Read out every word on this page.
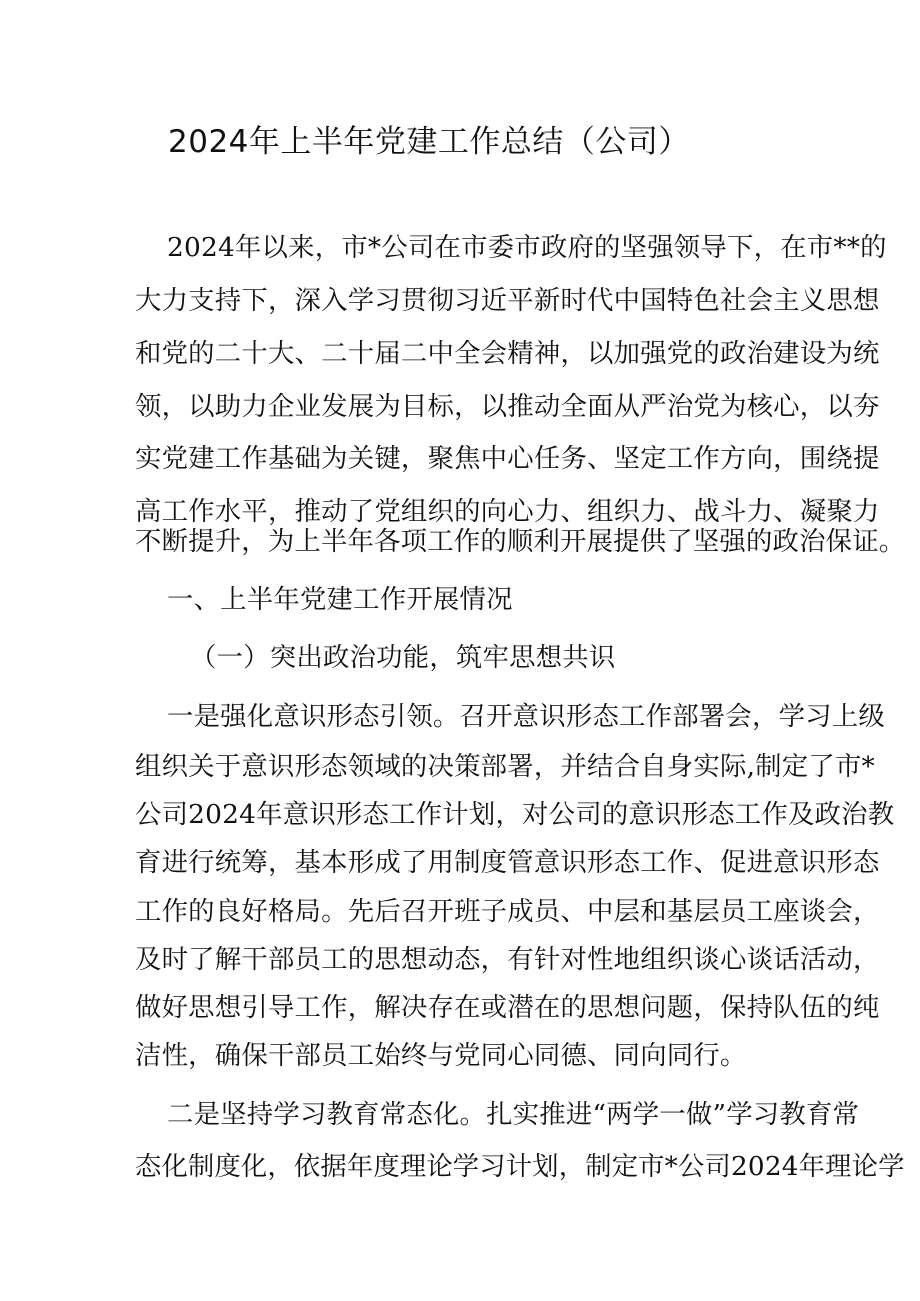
2024年上半年党建工作总结（公司）
2024年以来，市*公司在市委市政府的坚强领导下，在市**的
大力支持下，深入学习贯彻习近平新时代中国特色社会主义思想
和党的二十大、二十届二中全会精神，以加强党的政治建设为统
领，以助力企业发展为目标，以推动全面从严治党为核心，以夯
实党建工作基础为关键，聚焦中心任务、坚定工作方向，围绕提
高工作水平，推动了党组织的向心力、组织力、战斗力、凝聚力
不断提升，为上半年各项工作的顺利开展提供了坚强的政治保证。
一、上半年党建工作开展情况
（一）突出政治功能，筑牢思想共识
一是强化意识形态引领。召开意识形态工作部署会，学习上级
组织关于意识形态领域的决策部署，并结合自身实际,制定了市*
公司2024年意识形态工作计划，对公司的意识形态工作及政治教
育进行统筹，基本形成了用制度管意识形态工作、促进意识形态
工作的良好格局。先后召开班子成员、中层和基层员工座谈会，
及时了解干部员工的思想动态，有针对性地组织谈心谈话活动，
做好思想引导工作，解决存在或潜在的思想问题，保持队伍的纯
洁性，确保干部员工始终与党同心同德、同向同行。
二是坚持学习教育常态化。扎实推进“两学一做”学习教育常
态化制度化，依据年度理论学习计划，制定市*公司2024年理论学
